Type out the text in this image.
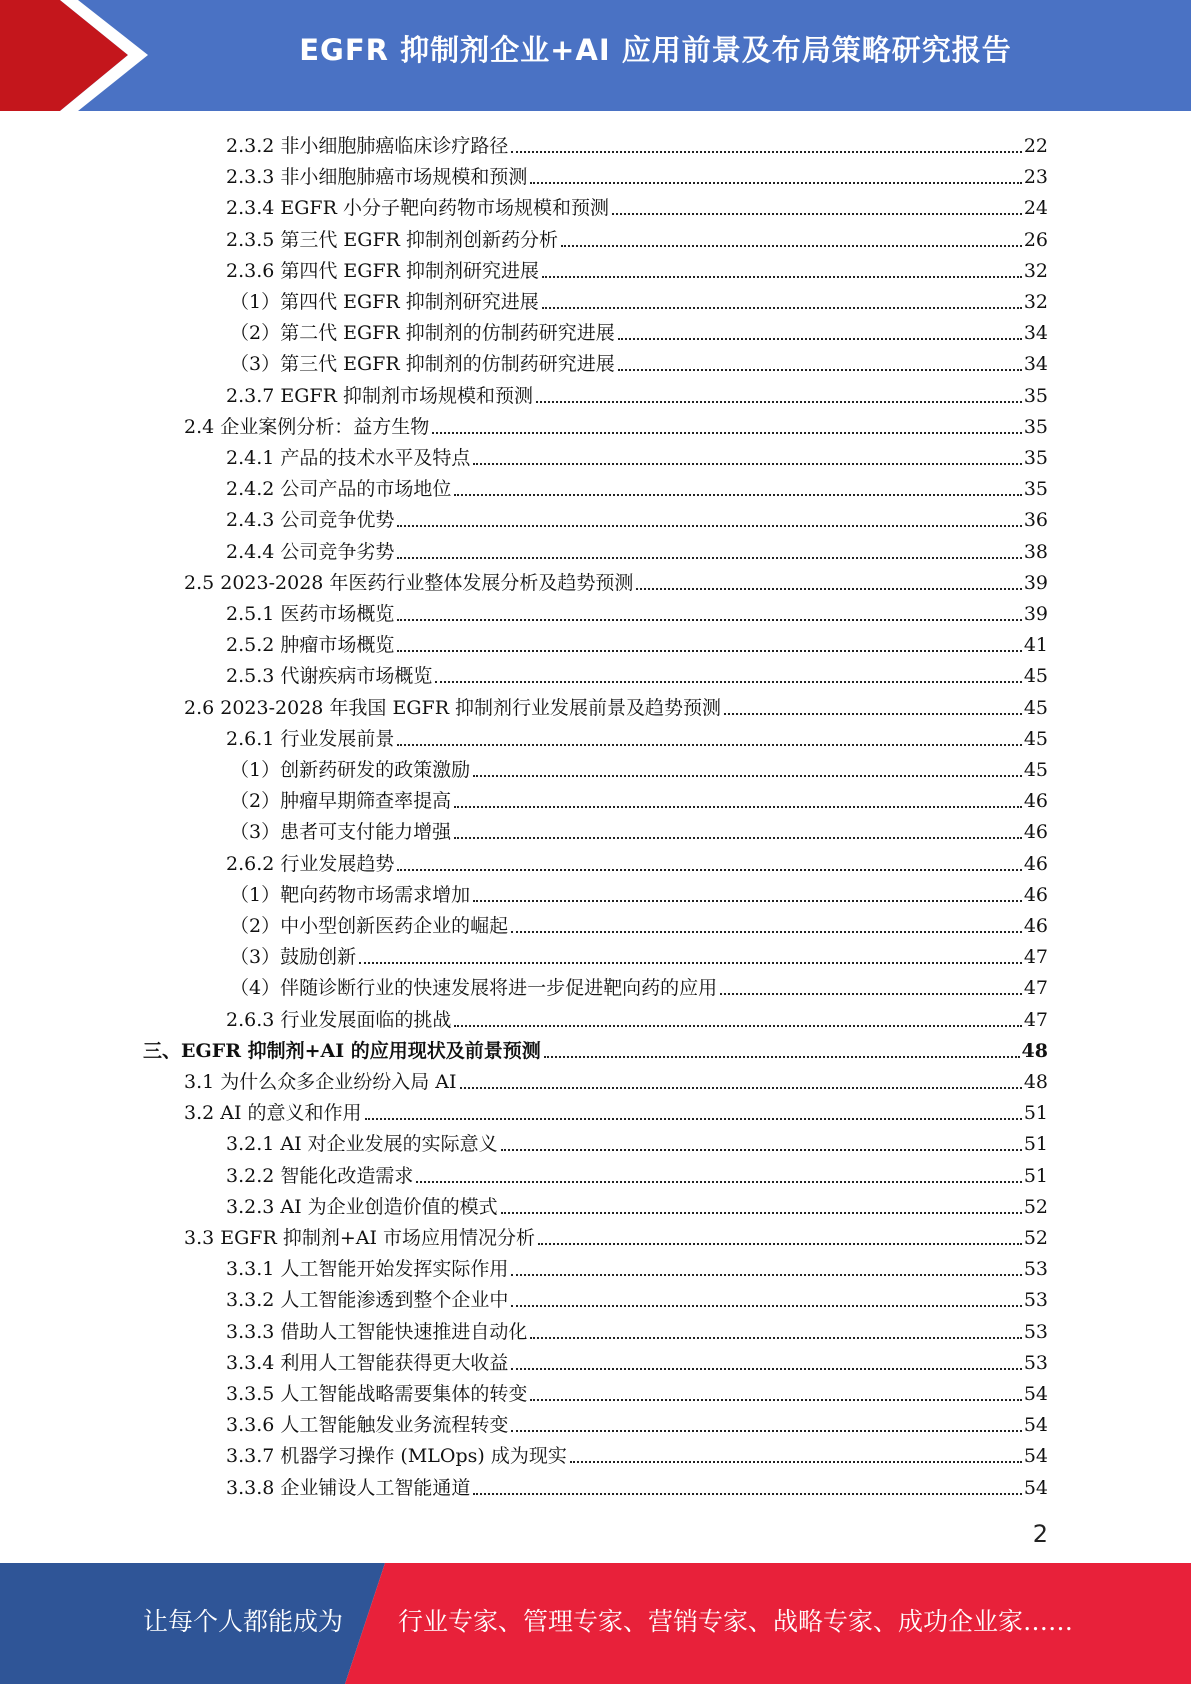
EGFR 抑制剂企业+AI 应用前景及布局策略研究报告
2.3.2 非小细胞肺癌临床诊疗路径	22
2.3.3 非小细胞肺癌市场规模和预测	23
2.3.4 EGFR 小分子靶向药物市场规模和预测	24
2.3.5 第三代 EGFR 抑制剂创新药分析	26
2.3.6 第四代 EGFR 抑制剂研究进展	32
（1）第四代 EGFR 抑制剂研究进展	32
（2）第二代 EGFR 抑制剂的仿制药研究进展	34
（3）第三代 EGFR 抑制剂的仿制药研究进展	34
2.3.7 EGFR 抑制剂市场规模和预测	35
2.4 企业案例分析：益方生物	35
2.4.1 产品的技术水平及特点	35
2.4.2 公司产品的市场地位	35
2.4.3 公司竞争优势	36
2.4.4 公司竞争劣势	38
2.5 2023-2028 年医药行业整体发展分析及趋势预测	39
2.5.1 医药市场概览	39
2.5.2 肿瘤市场概览	41
2.5.3 代谢疾病市场概览	45
2.6 2023-2028 年我国 EGFR 抑制剂行业发展前景及趋势预测	45
2.6.1 行业发展前景	45
（1）创新药研发的政策激励	45
（2）肿瘤早期筛查率提高	46
（3）患者可支付能力增强	46
2.6.2 行业发展趋势	46
（1）靶向药物市场需求增加	46
（2）中小型创新医药企业的崛起	46
（3）鼓励创新	47
（4）伴随诊断行业的快速发展将进一步促进靶向药的应用	47
2.6.3 行业发展面临的挑战	47
三、EGFR 抑制剂+AI 的应用现状及前景预测	48
3.1 为什么众多企业纷纷入局 AI	48
3.2 AI 的意义和作用	51
3.2.1 AI 对企业发展的实际意义	51
3.2.2 智能化改造需求	51
3.2.3 AI 为企业创造价值的模式	52
3.3 EGFR 抑制剂+AI 市场应用情况分析	52
3.3.1 人工智能开始发挥实际作用	53
3.3.2 人工智能渗透到整个企业中	53
3.3.3 借助人工智能快速推进自动化	53
3.3.4 利用人工智能获得更大收益	53
3.3.5 人工智能战略需要集体的转变	54
3.3.6 人工智能触发业务流程转变	54
3.3.7 机器学习操作 (MLOps) 成为现实	54
3.3.8 企业铺设人工智能通道	54
2
让每个人都能成为 行业专家、管理专家、营销专家、战略专家、成功企业家……
